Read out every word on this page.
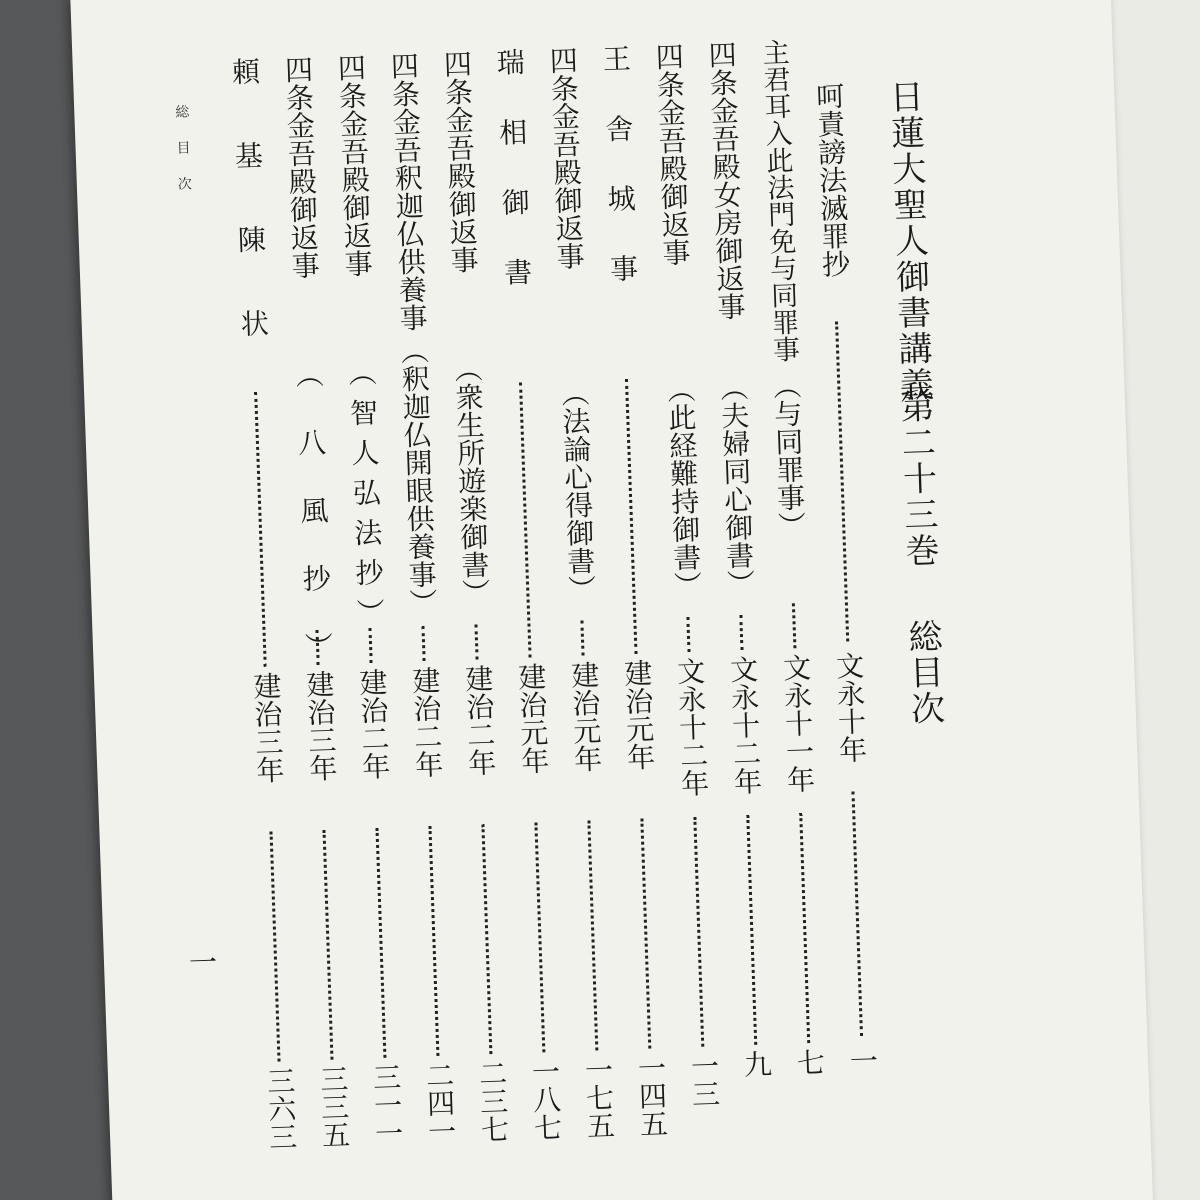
日蓮大聖人御書講義
第二十三巻
総目次
呵責謗法滅罪抄
文永十年
一
主君耳入此法門免与同罪事
（与同罪事）
文永十一年
七
四条金吾殿女房御返事
（夫婦同心御書）
文永十二年
九
四条金吾殿御返事
（此経難持御書）
文永十二年
一三
王舎城事
建治元年
一四五
四条金吾殿御返事
（法論心得御書）
建治元年
一七五
瑞相御書
建治元年
一八七
四条金吾殿御返事
（衆生所遊楽御書）
建治二年
二三七
四条金吾釈迦仏供養事
（釈迦仏開眼供養事）
建治二年
二四一
四条金吾殿御返事
（智人弘法抄）
建治二年
三一一
四条金吾殿御返事
（八風抄）
建治三年
三三五
頼基陳状
建治三年
三六三
総目次
一
